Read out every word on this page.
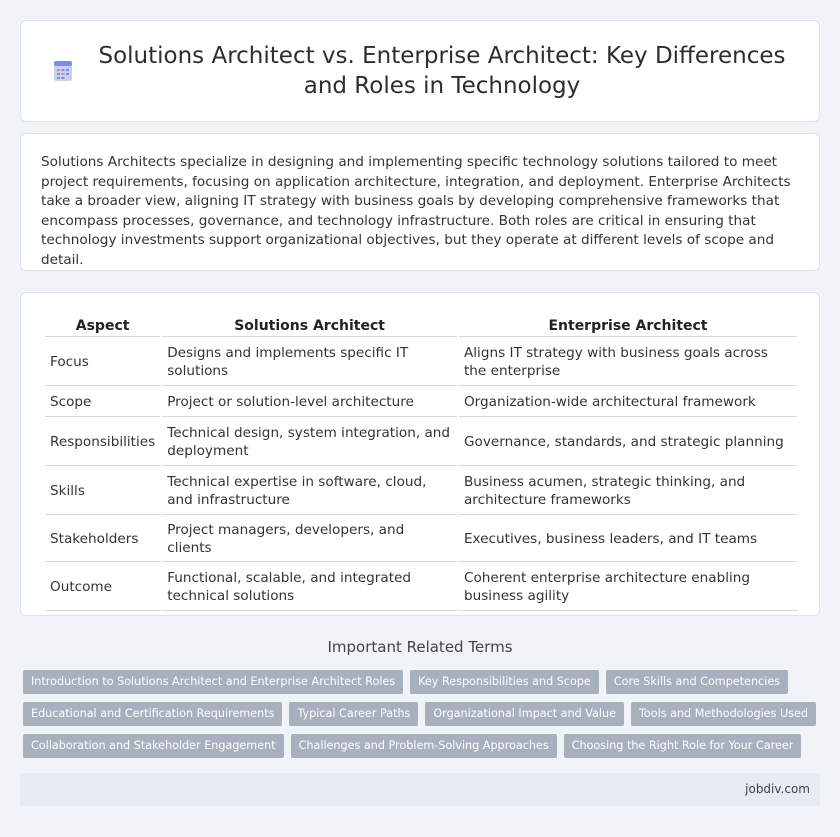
Solutions Architect vs. Enterprise Architect: Key Differences and Roles in Technology

Solutions Architects specialize in designing and implementing specific technology solutions tailored to meet project requirements, focusing on application architecture, integration, and deployment. Enterprise Architects take a broader view, aligning IT strategy with business goals by developing comprehensive frameworks that encompass processes, governance, and technology infrastructure. Both roles are critical in ensuring that technology investments support organizational objectives, but they operate at different levels of scope and detail.

Aspect	Solutions Architect	Enterprise Architect
Focus	Designs and implements specific IT solutions	Aligns IT strategy with business goals across the enterprise
Scope	Project or solution-level architecture	Organization-wide architectural framework
Responsibilities	Technical design, system integration, and deployment	Governance, standards, and strategic planning
Skills	Technical expertise in software, cloud, and infrastructure	Business acumen, strategic thinking, and architecture frameworks
Stakeholders	Project managers, developers, and clients	Executives, business leaders, and IT teams
Outcome	Functional, scalable, and integrated technical solutions	Coherent enterprise architecture enabling business agility
Important Related Terms
Introduction to Solutions Architect and Enterprise Architect Roles	Key Responsibilities and Scope	Core Skills and Competencies
Educational and Certification Requirements	Typical Career Paths	Organizational Impact and Value	Tools and Methodologies Used
Collaboration and Stakeholder Engagement	Challenges and Problem-Solving Approaches	Choosing the Right Role for Your Career
jobdiv.com
